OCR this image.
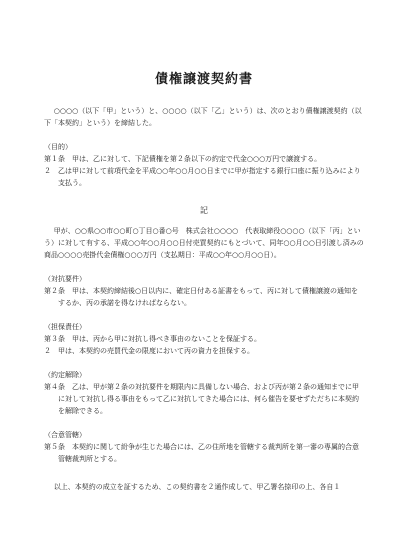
債権譲渡契約書

○○○○（以下「甲」という）と、○○○○（以下「乙」という）は、次のとおり債権譲渡契約（以下「本契約」という）を締結した。

（目的）

第１条　甲は、乙に対して、下記債権を第２条以下の約定で代金○○○万円で譲渡する。

２　乙は甲に対して前項代金を平成○○年○○月○○日までに甲が指定する銀行口座に振り込みにより支払う。

記

甲が、○○県○○市○○町○丁目○番○号　株式会社○○○○　代表取締役○○○○（以下「丙」という）に対して有する、平成○○年○○月○○日付売買契約にもとづいて、同年○○月○○日引渡し済みの商品○○○○売掛代金債権○○○万円（支払期日：平成○○年○○月○○日）。

（対抗要件）

第２条　甲は、本契約締結後○日以内に、確定日付ある証書をもって、丙に対して債権譲渡の通知をするか、丙の承諾を得なければならない。

（担保責任）

第３条　甲は、丙から甲に対抗し得べき事由のないことを保証する。

２　甲は、本契約の売買代金の限度において丙の資力を担保する。

（約定解除）

第４条　乙は、甲が第２条の対抗要件を期限内に具備しない場合、および丙が第２条の通知までに甲に対して対抗し得る事由をもって乙に対抗してきた場合には、何ら催告を要せずただちに本契約を解除できる。

（合意管轄）

第５条　本契約に関して紛争が生じた場合には、乙の住所地を管轄する裁判所を第一審の専属的合意管轄裁判所とする。

以上、本契約の成立を証するため、この契約書を２通作成して、甲乙署名捺印の上、各自１
